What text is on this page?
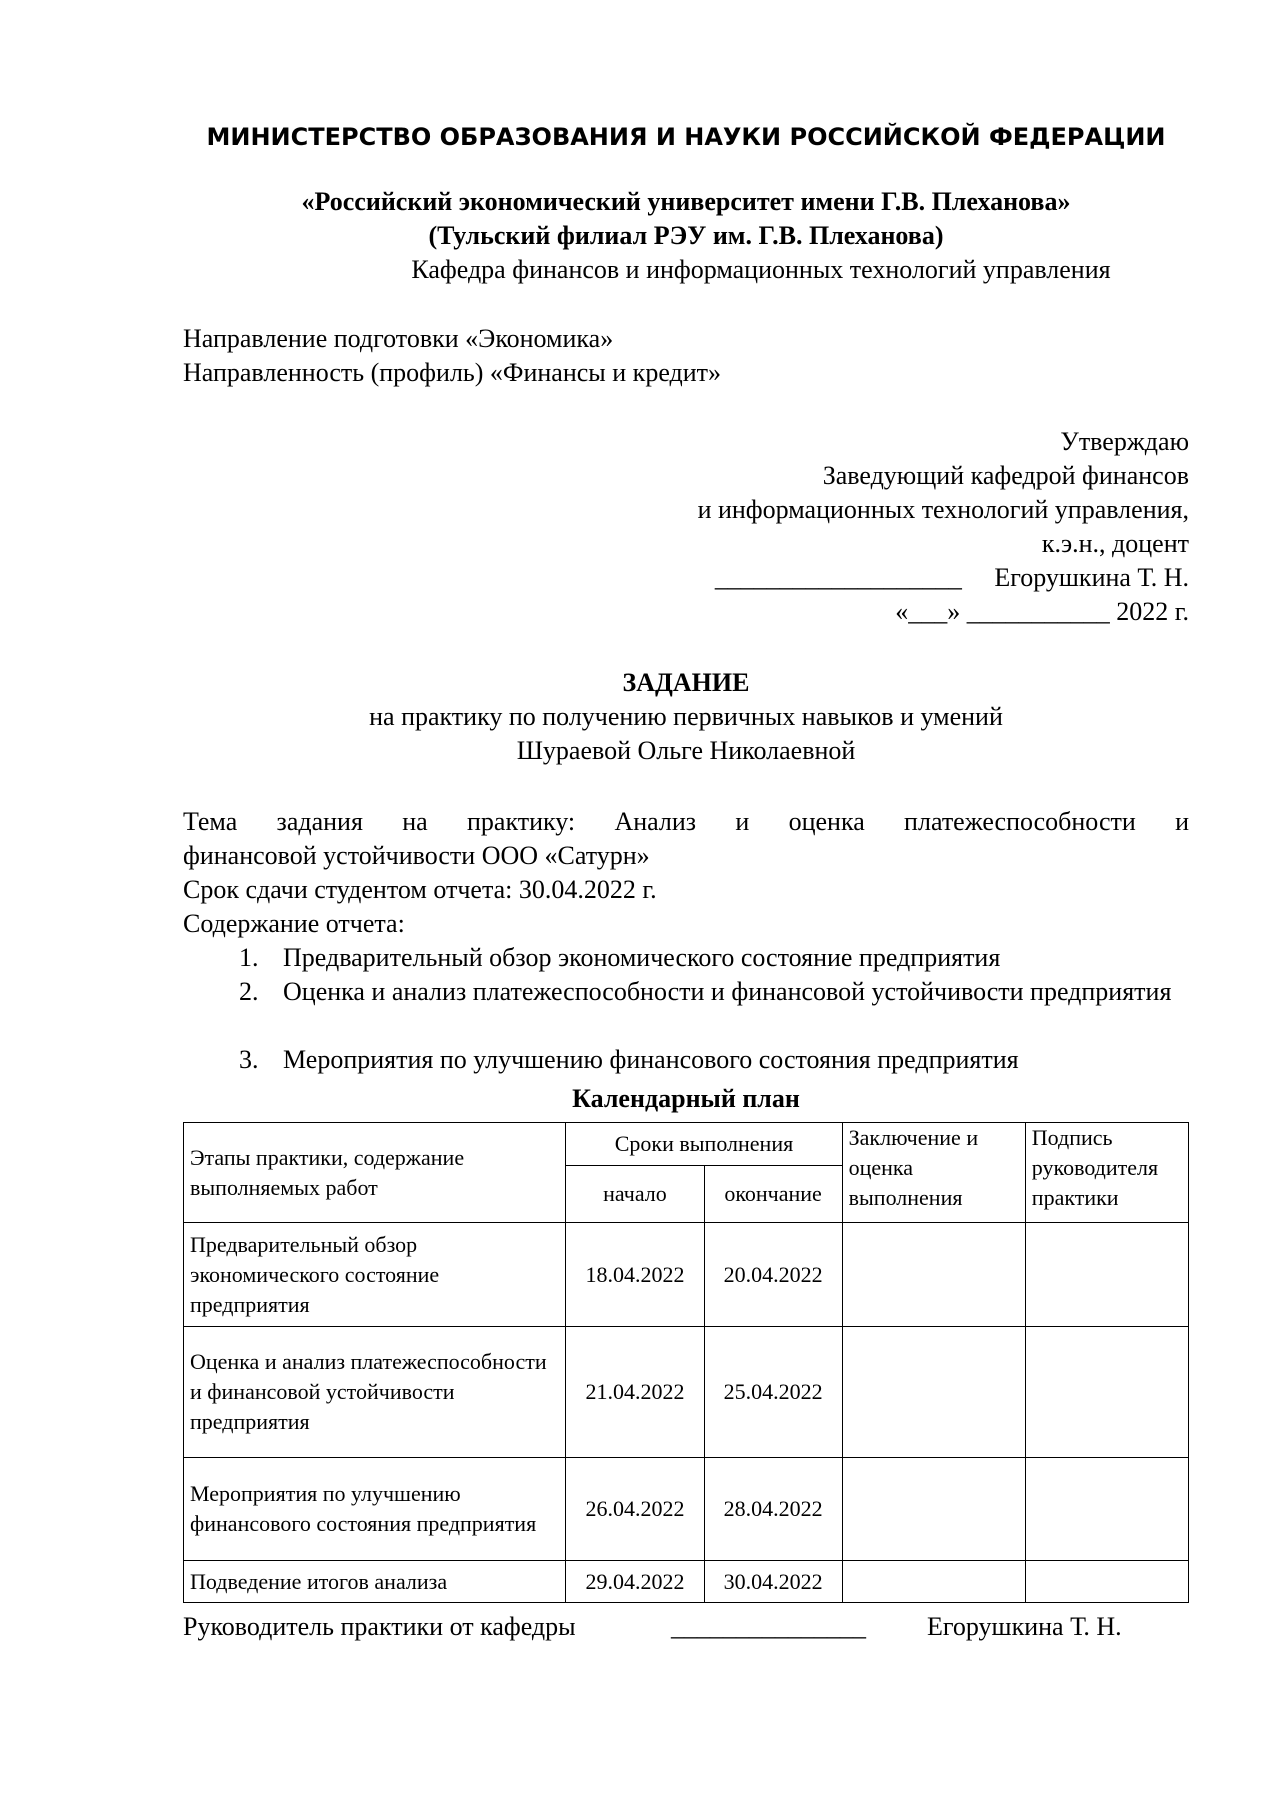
МИНИСТЕРСТВО ОБРАЗОВАНИЯ И НАУКИ РОССИЙСКОЙ ФЕДЕРАЦИИ
«Российский экономический университет имени Г.В. Плеханова»
(Тульский филиал РЭУ им. Г.В. Плеханова)
Кафедра финансов и информационных технологий управления
Направление подготовки «Экономика»
Направленность (профиль) «Финансы и кредит»
Утверждаю
Заведующий кафедрой финансов
и информационных технологий управления,
к.э.н., доцент
___________________     Егорушкина Т. Н.
«___» ___________ 2022 г.
ЗАДАНИЕ
на практику по получению первичных навыков и умений
Шураевой Ольге Николаевной
Тема задания на практику: Анализ и оценка платежеспособности и
финансовой устойчивости ООО «Сатурн»
Срок сдачи студентом отчета: 30.04.2022 г.
Содержание отчета:
1. Предварительный обзор экономического состояние предприятия
2. Оценка и анализ платежеспособности и финансовой устойчивости предприятия
3. Мероприятия по улучшению финансового состояния предприятия
Календарный план
Этапы практики, содержание выполняемых работ	Сроки выполнения		Заключение и оценка выполнения	Подпись руководителя практики
	начало	окончание		
Предварительный обзор экономического состояние предприятия	18.04.2022	20.04.2022		
Оценка и анализ платежеспособности и финансовой устойчивости предприятия	21.04.2022	25.04.2022		
Мероприятия по улучшению финансового состояния предприятия	26.04.2022	28.04.2022		
Подведение итогов анализа	29.04.2022	30.04.2022		
Руководитель практики от кафедры	_______________ Егорушкина Т. Н.
